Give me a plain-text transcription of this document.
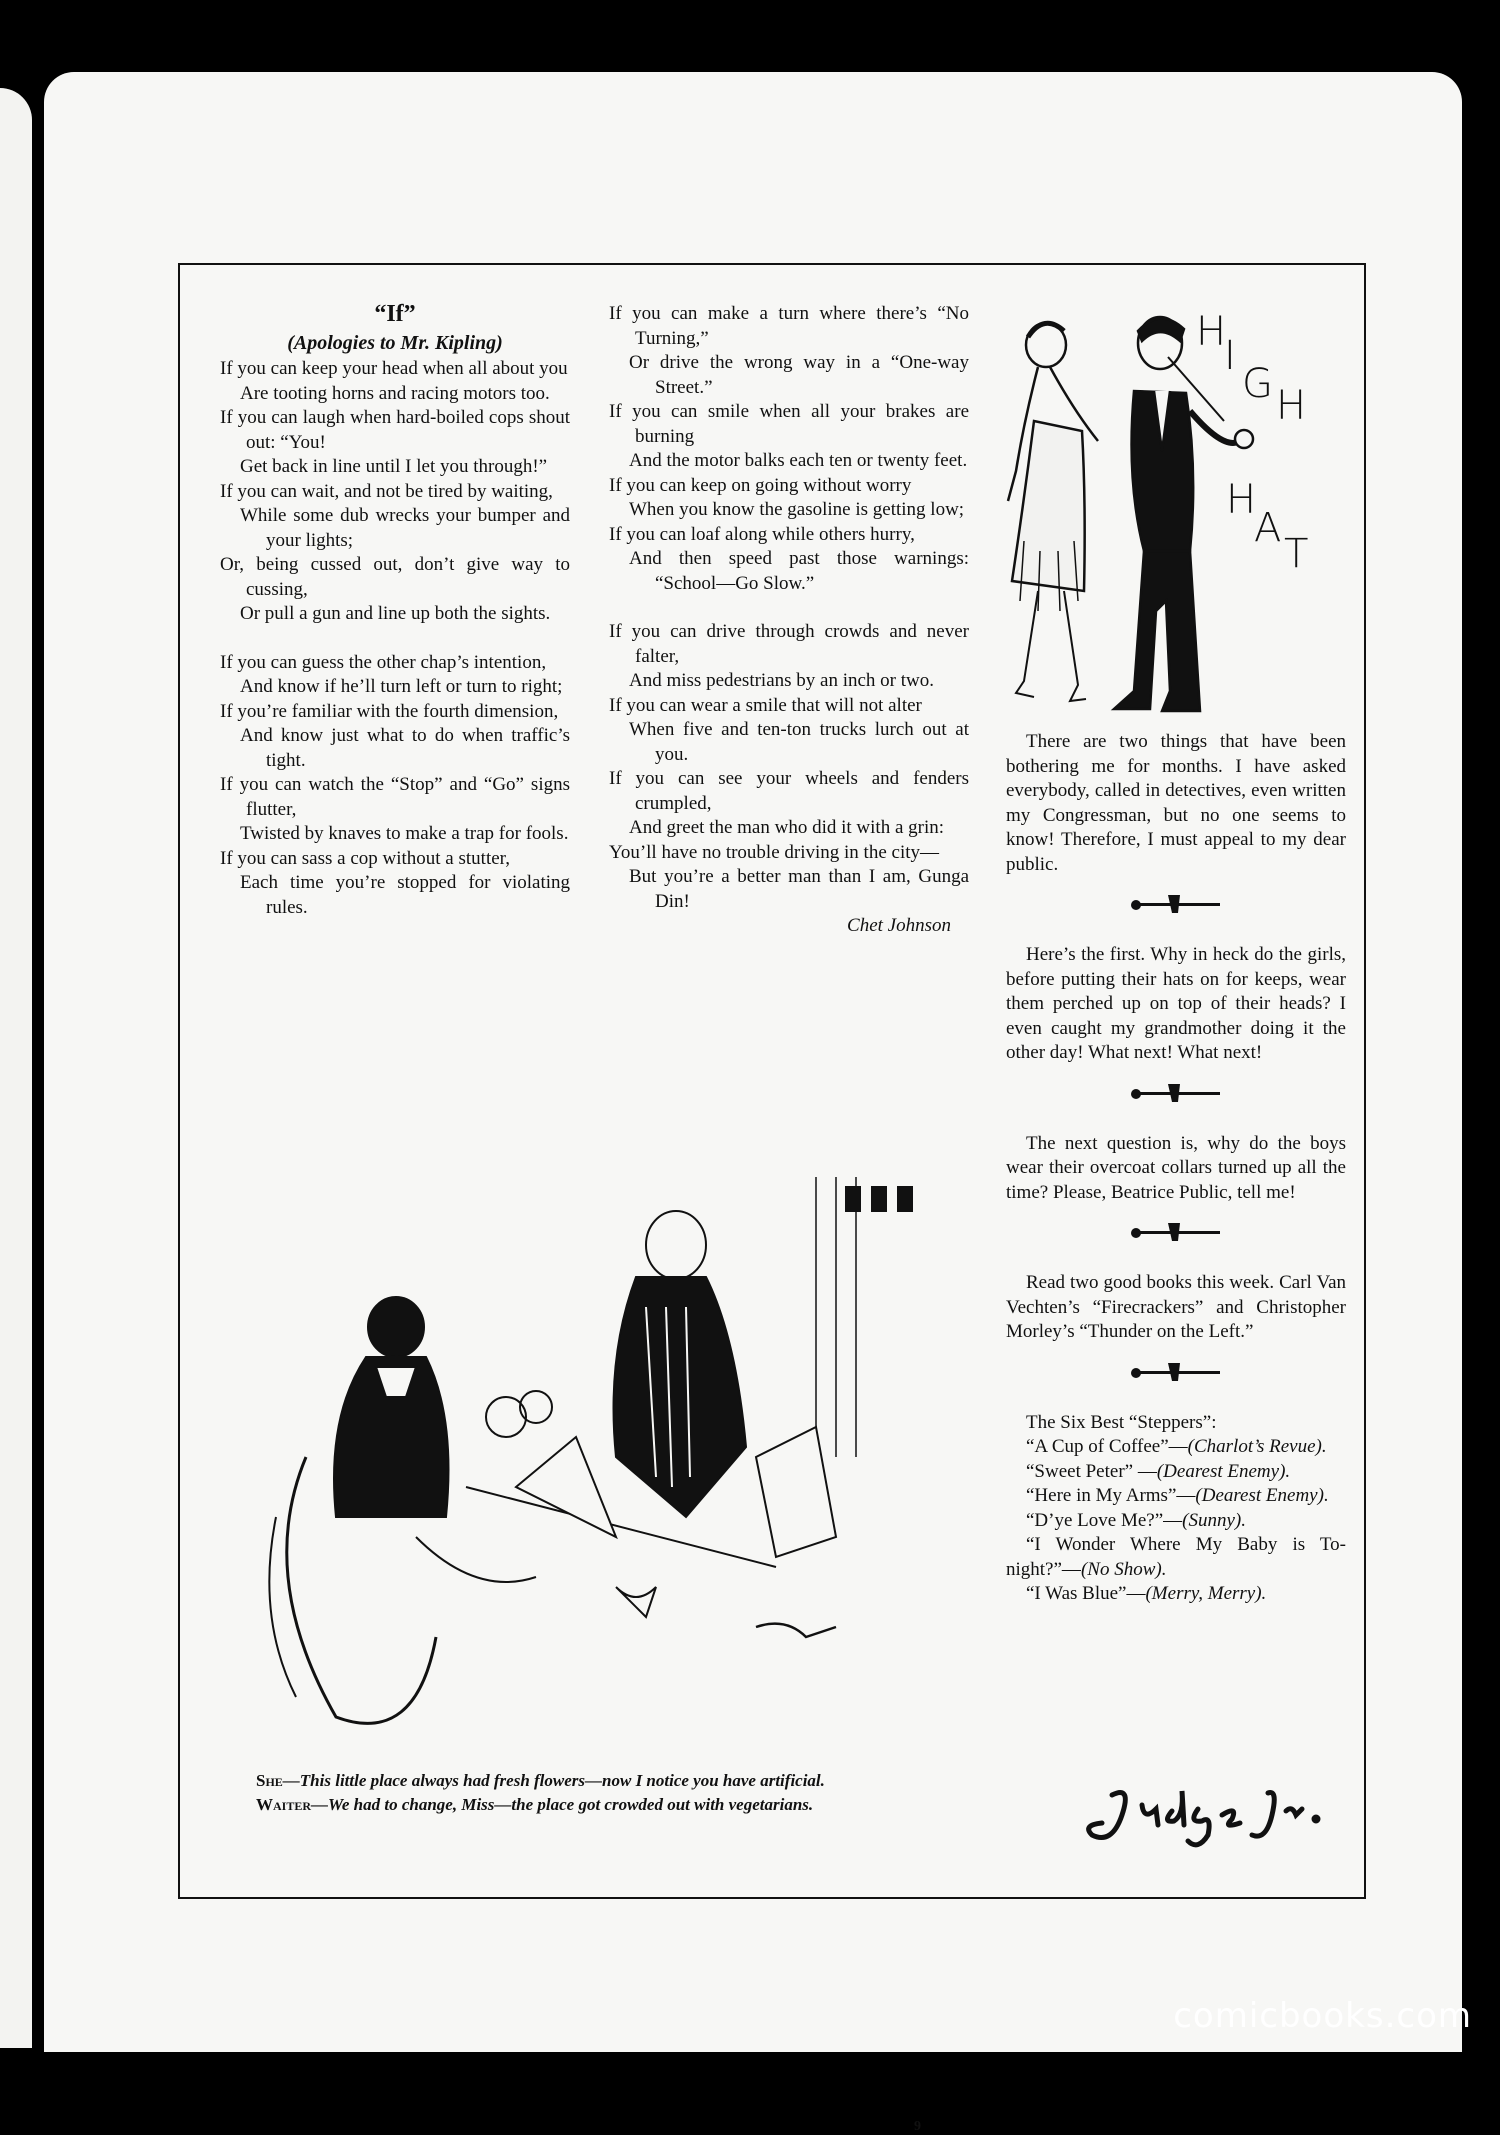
“If”
(Apologies to Mr. Kipling)

If you can keep your head when all about you

Are tooting horns and racing motors too.

If you can laugh when hard-boiled cops shout out: “You!

Get back in line until I let you through!”

If you can wait, and not be tired by waiting,

While some dub wrecks your bumper and your lights;

Or, being cussed out, don’t give way to cussing,

Or pull a gun and line up both the sights.

If you can guess the other chap’s intention,

And know if he’ll turn left or turn to right;

If you’re familiar with the fourth dimension,

And know just what to do when traffic’s tight.

If you can watch the “Stop” and “Go” signs flutter,

Twisted by knaves to make a trap for fools.

If you can sass a cop without a stutter,

Each time you’re stopped for violating rules.

If you can make a turn where there’s “No Turning,”

Or drive the wrong way in a “One-way Street.”

If you can smile when all your brakes are burning

And the motor balks each ten or twenty feet.

If you can keep on going without worry

When you know the gasoline is getting low;

If you can loaf along while others hurry,

And then speed past those warnings: “School—Go Slow.”

If you can drive through crowds and never falter,

And miss pedestrians by an inch or two.

If you can wear a smile that will not alter

When five and ten-ton trucks lurch out at you.

If you can see your wheels and fenders crumpled,

And greet the man who did it with a grin:

You’ll have no trouble driving in the city—

But you’re a better man than I am, Gunga Din!

Chet Johnson
H
I
G H
H
A
T

There are two things that have been bothering me for months. I have asked everybody, called in detectives, even written my Congressman, but no one seems to know! Therefore, I must appeal to my dear public.

Here’s the first. Why in heck do the girls, before putting their hats on for keeps, wear them perched up on top of their heads? I even caught my grandmother doing it the other day! What next! What next!

The next question is, why do the boys wear their overcoat collars turned up all the time? Please, Beatrice Public, tell me!

Read two good books this week. Carl Van Vechten’s “Firecrackers” and Christopher Morley’s “Thunder on the Left.”

The Six Best “Steppers”:

“A Cup of Coffee”—(Charlot’s Revue).

“Sweet Peter” —(Dearest Enemy).

“Here in My Arms”—(Dearest Enemy).

“D’ye Love Me?”—(Sunny).

“I Wonder Where My Baby is To-night?”—(No Show).

“I Was Blue”—(Merry, Merry).

She—This little place always had fresh flowers—now I notice you have artificial.
Waiter—We had to change, Miss—the place got crowded out with vegetarians.
9
comicbooks.com
